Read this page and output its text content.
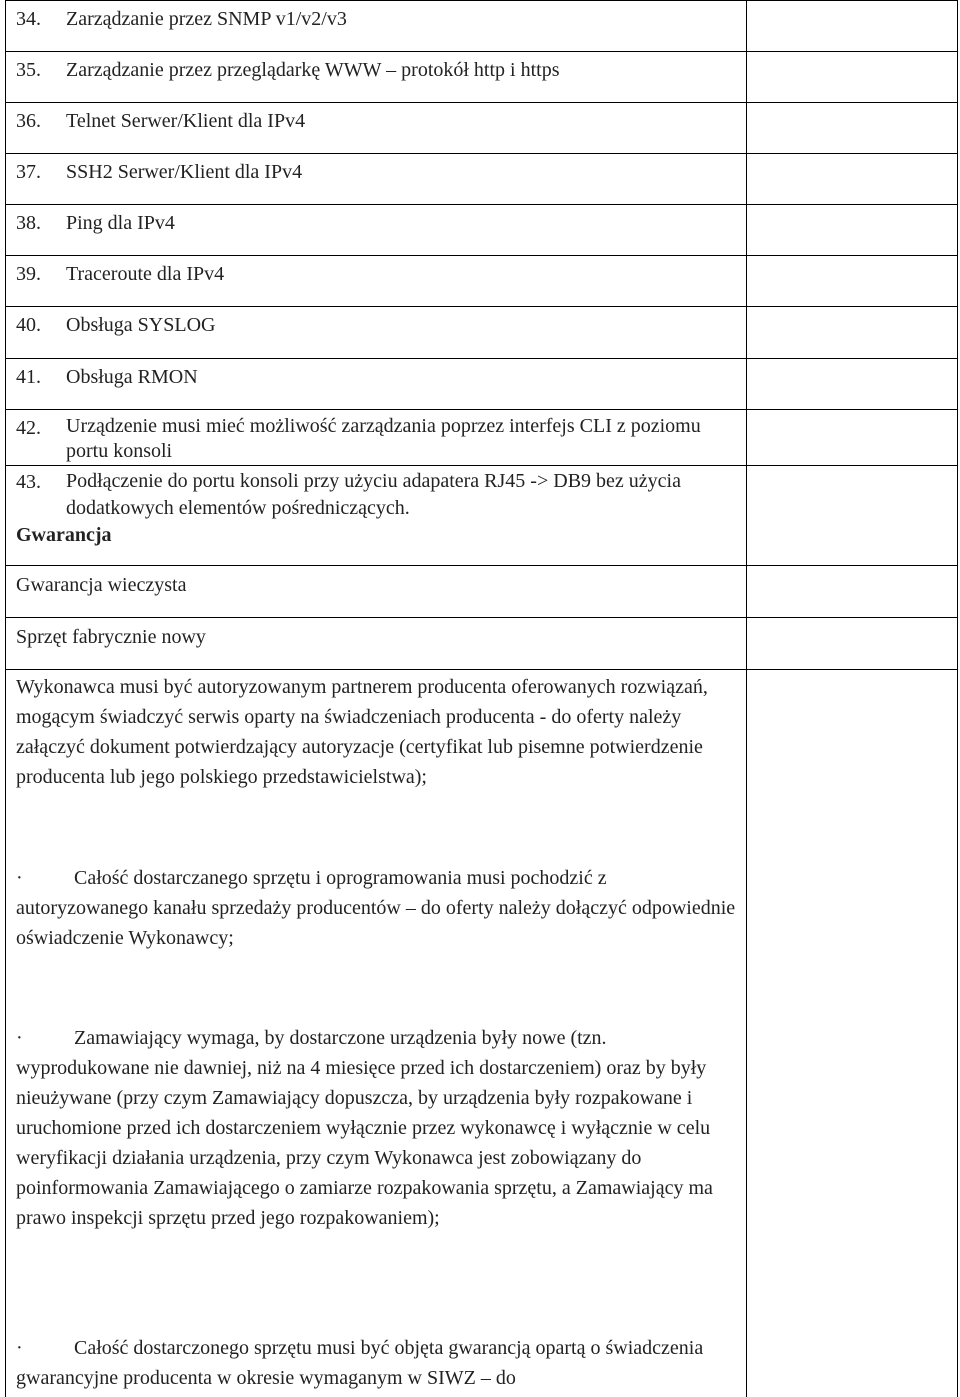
34. Zarządzanie przez SNMP v1/v2/v3
35. Zarządzanie przez przeglądarkę WWW – protokół http i https
36. Telnet Serwer/Klient dla IPv4
37. SSH2 Serwer/Klient dla IPv4
38. Ping dla IPv4
39. Traceroute dla IPv4
40. Obsługa SYSLOG
41. Obsługa RMON
42. Urządzenie musi mieć możliwość zarządzania poprzez interfejs CLI z poziomu portu konsoli
43. Podłączenie do portu konsoli przy użyciu adapatera RJ45 -> DB9 bez użycia dodatkowych elementów pośredniczących.
Gwarancja
Gwarancja wieczysta
Sprzęt fabrycznie nowy
Wykonawca musi być autoryzowanym partnerem producenta oferowanych rozwiązań, mogącym świadczyć serwis oparty na świadczeniach producenta - do oferty należy załączyć dokument potwierdzający autoryzacje (certyfikat lub pisemne potwierdzenie producenta lub jego polskiego przedstawicielstwa);
·	Całość dostarczanego sprzętu i oprogramowania musi pochodzić z autoryzowanego kanału sprzedaży producentów – do oferty należy dołączyć odpowiednie oświadczenie Wykonawcy;
·	Zamawiający wymaga, by dostarczone urządzenia były nowe (tzn. wyprodukowane nie dawniej, niż na 4 miesięce przed ich dostarczeniem) oraz by były nieużywane (przy czym Zamawiający dopuszcza, by urządzenia były rozpakowane i uruchomione przed ich dostarczeniem wyłącznie przez wykonawcę i wyłącznie w celu weryfikacji działania urządzenia, przy czym Wykonawca jest zobowiązany do poinformowania Zamawiającego o zamiarze rozpakowania sprzętu, a Zamawiający ma prawo inspekcji sprzętu przed jego rozpakowaniem);
·	Całość dostarczonego sprzętu musi być objęta gwarancją opartą o świadczenia gwarancyjne producenta w okresie wymaganym w SIWZ – do
